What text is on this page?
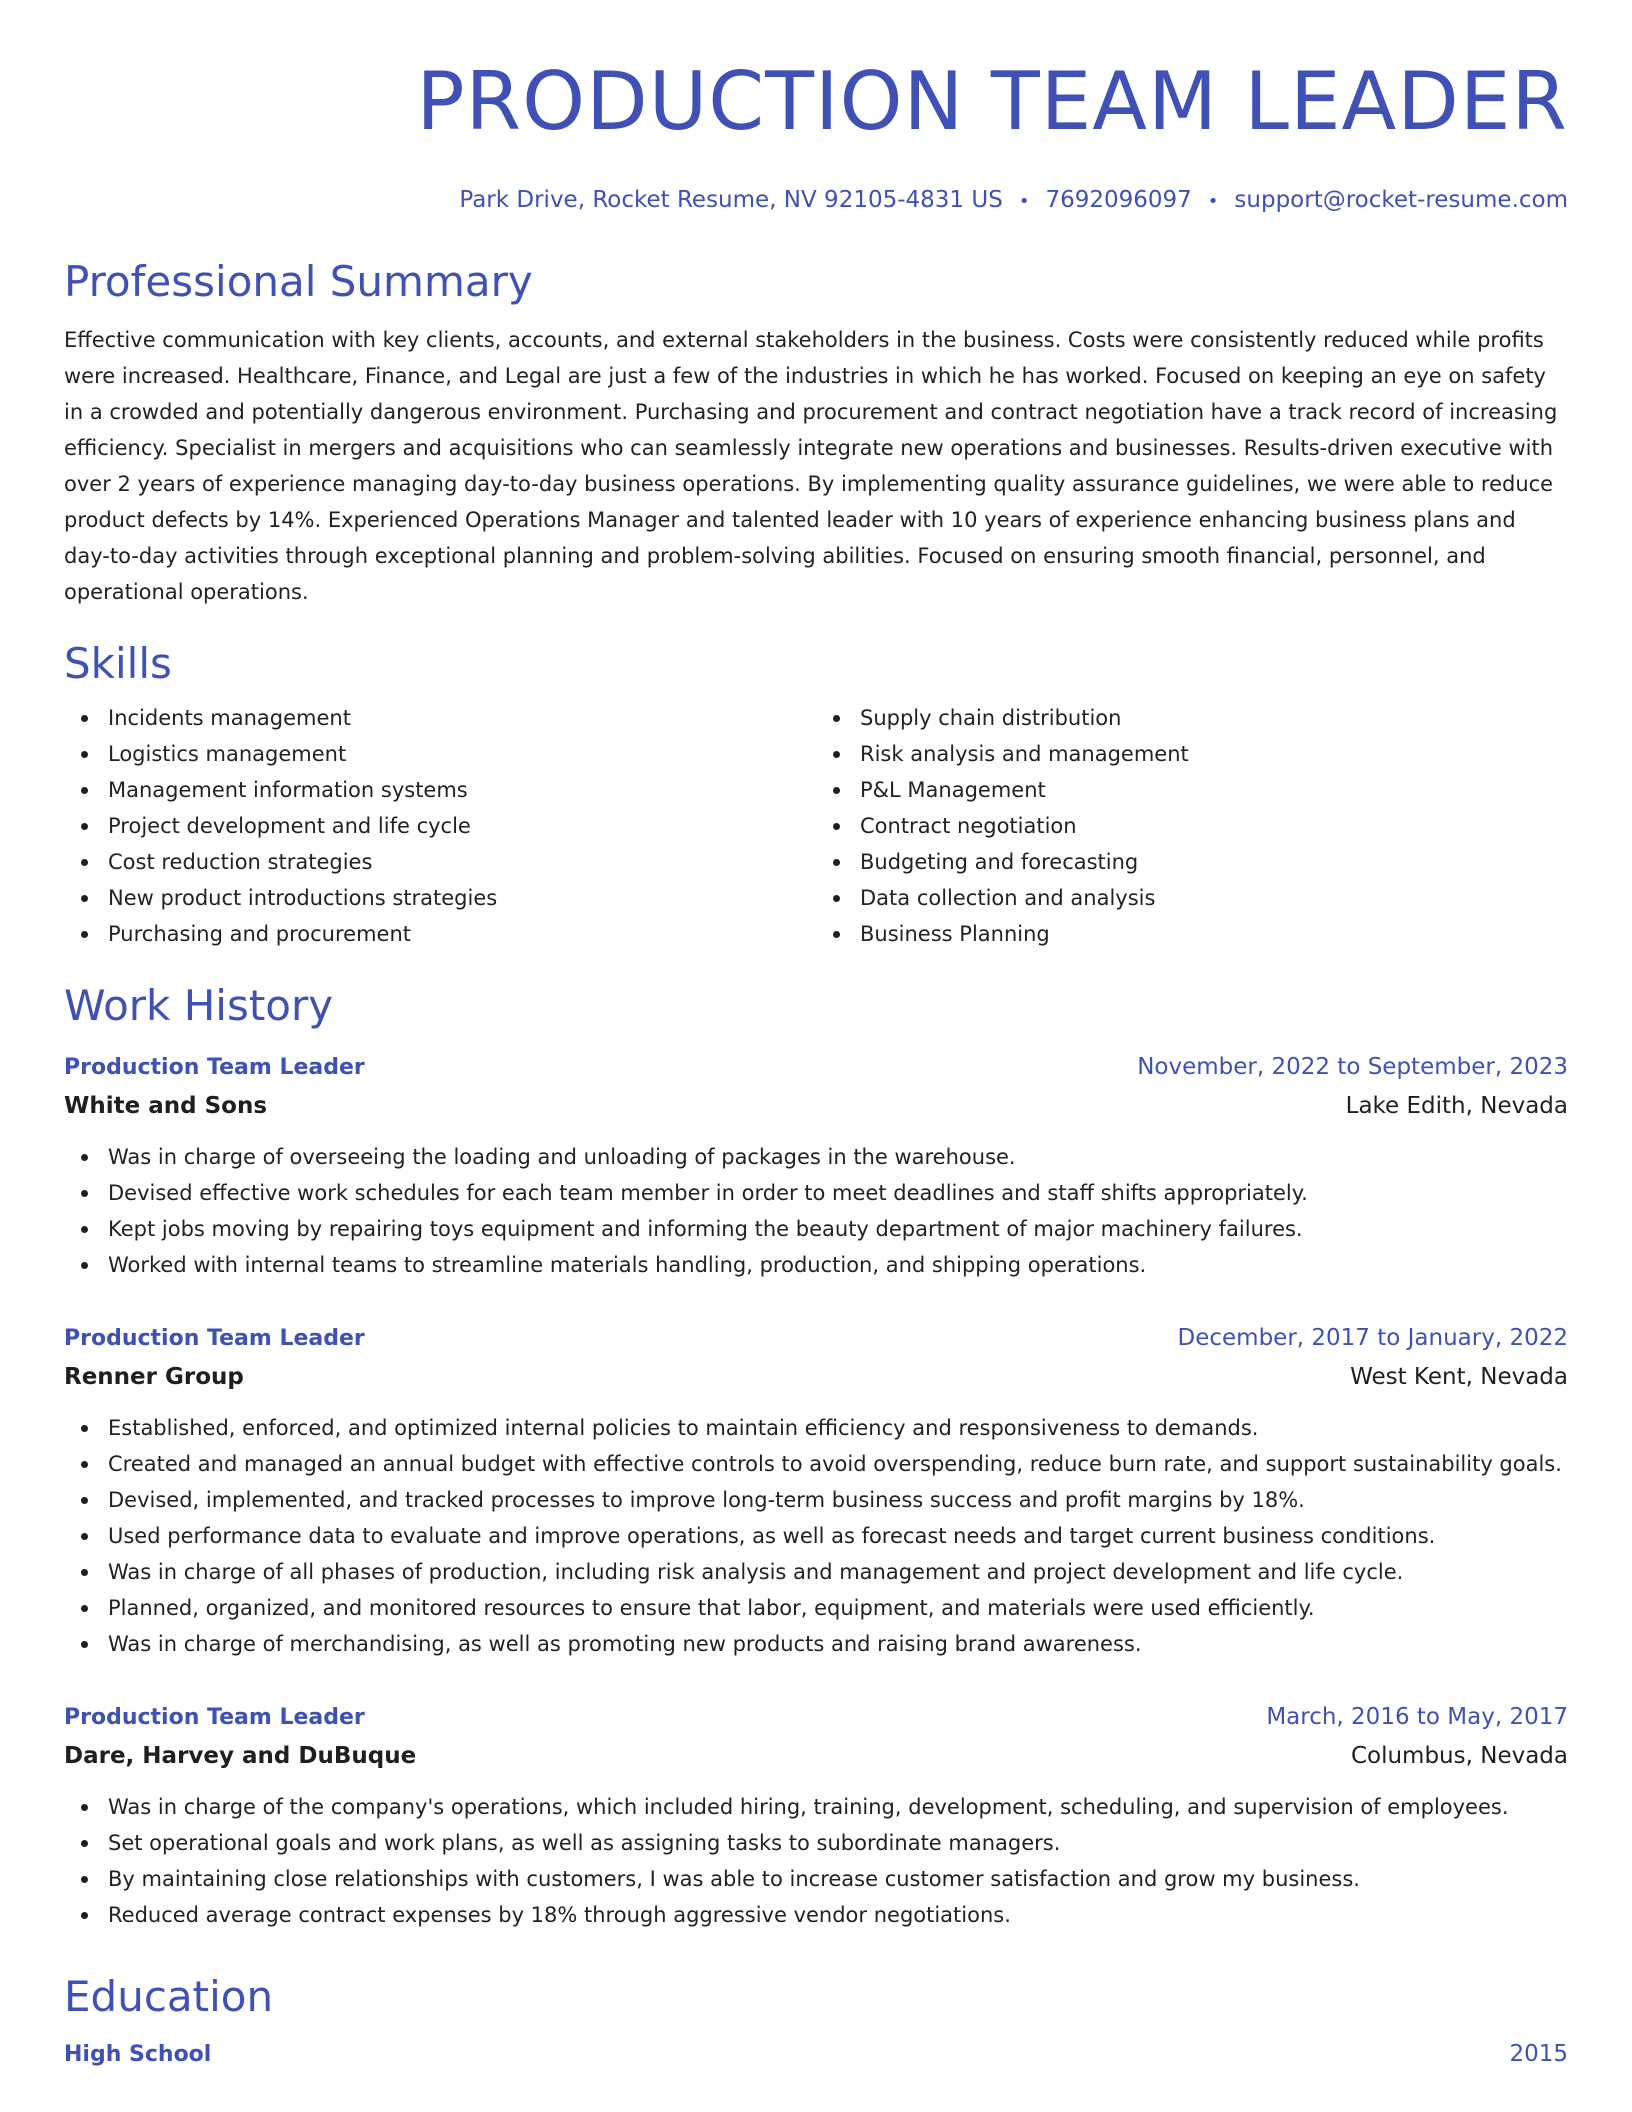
PRODUCTION TEAM LEADER
Park Drive, Rocket Resume, NV 92105-4831 US • 7692096097 • support@rocket-resume.com
Professional Summary
Effective communication with key clients, accounts, and external stakeholders in the business. Costs were consistently reduced while profits were increased. Healthcare, Finance, and Legal are just a few of the industries in which he has worked. Focused on keeping an eye on safety in a crowded and potentially dangerous environment. Purchasing and procurement and contract negotiation have a track record of increasing efficiency. Specialist in mergers and acquisitions who can seamlessly integrate new operations and businesses. Results-driven executive with over 2 years of experience managing day-to-day business operations. By implementing quality assurance guidelines, we were able to reduce product defects by 14%. Experienced Operations Manager and talented leader with 10 years of experience enhancing business plans and day-to-day activities through exceptional planning and problem-solving abilities. Focused on ensuring smooth financial, personnel, and operational operations.
Skills
Incidents management
Logistics management
Management information systems
Project development and life cycle
Cost reduction strategies
New product introductions strategies
Purchasing and procurement
Supply chain distribution
Risk analysis and management
P&L Management
Contract negotiation
Budgeting and forecasting
Data collection and analysis
Business Planning
Work History
Production Team Leader	November, 2022 to September, 2023
White and Sons	Lake Edith, Nevada
Was in charge of overseeing the loading and unloading of packages in the warehouse.
Devised effective work schedules for each team member in order to meet deadlines and staff shifts appropriately.
Kept jobs moving by repairing toys equipment and informing the beauty department of major machinery failures.
Worked with internal teams to streamline materials handling, production, and shipping operations.
Production Team Leader	December, 2017 to January, 2022
Renner Group	West Kent, Nevada
Established, enforced, and optimized internal policies to maintain efficiency and responsiveness to demands.
Created and managed an annual budget with effective controls to avoid overspending, reduce burn rate, and support sustainability goals.
Devised, implemented, and tracked processes to improve long-term business success and profit margins by 18%.
Used performance data to evaluate and improve operations, as well as forecast needs and target current business conditions.
Was in charge of all phases of production, including risk analysis and management and project development and life cycle.
Planned, organized, and monitored resources to ensure that labor, equipment, and materials were used efficiently.
Was in charge of merchandising, as well as promoting new products and raising brand awareness.
Production Team Leader	March, 2016 to May, 2017
Dare, Harvey and DuBuque	Columbus, Nevada
Was in charge of the company's operations, which included hiring, training, development, scheduling, and supervision of employees.
Set operational goals and work plans, as well as assigning tasks to subordinate managers.
By maintaining close relationships with customers, I was able to increase customer satisfaction and grow my business.
Reduced average contract expenses by 18% through aggressive vendor negotiations.
Education
High School	2015
